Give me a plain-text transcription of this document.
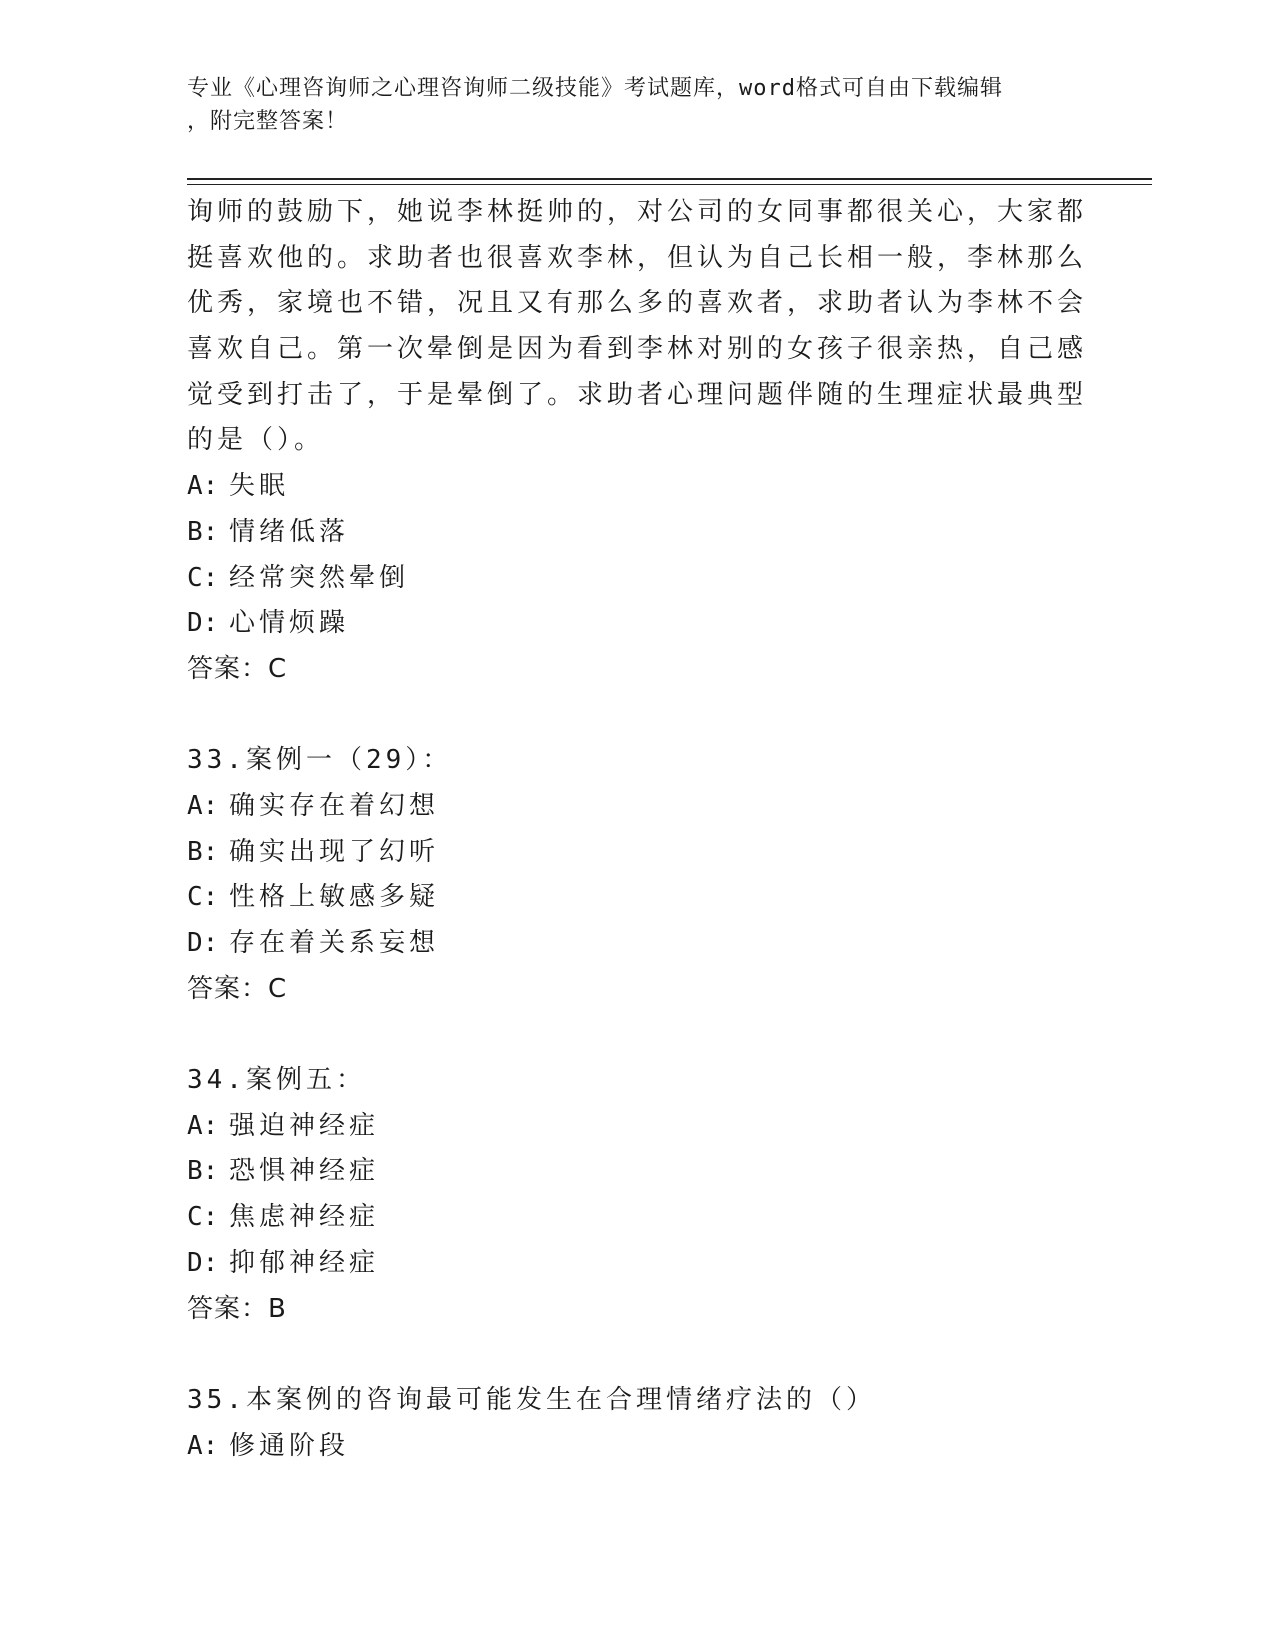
专业《心理咨询师之心理咨询师二级技能》考试题库，word格式可自由下载编辑
，附完整答案！
询师的鼓励下，她说李林挺帅的，对公司的女同事都很关心，大家都
挺喜欢他的。求助者也很喜欢李林，但认为自己长相一般，李林那么
优秀，家境也不错，况且又有那么多的喜欢者，求助者认为李林不会
喜欢自己。第一次晕倒是因为看到李林对别的女孩子很亲热，自己感
觉受到打击了，于是晕倒了。求助者心理问题伴随的生理症状最典型
的是（）。
A: 失眠
B: 情绪低落
C: 经常突然晕倒
D: 心情烦躁
答案：C
33.案例一（29）：
A: 确实存在着幻想
B: 确实出现了幻听
C: 性格上敏感多疑
D: 存在着关系妄想
答案：C
34.案例五：
A: 强迫神经症
B: 恐惧神经症
C: 焦虑神经症
D: 抑郁神经症
答案：B
35.本案例的咨询最可能发生在合理情绪疗法的（）
A: 修通阶段
